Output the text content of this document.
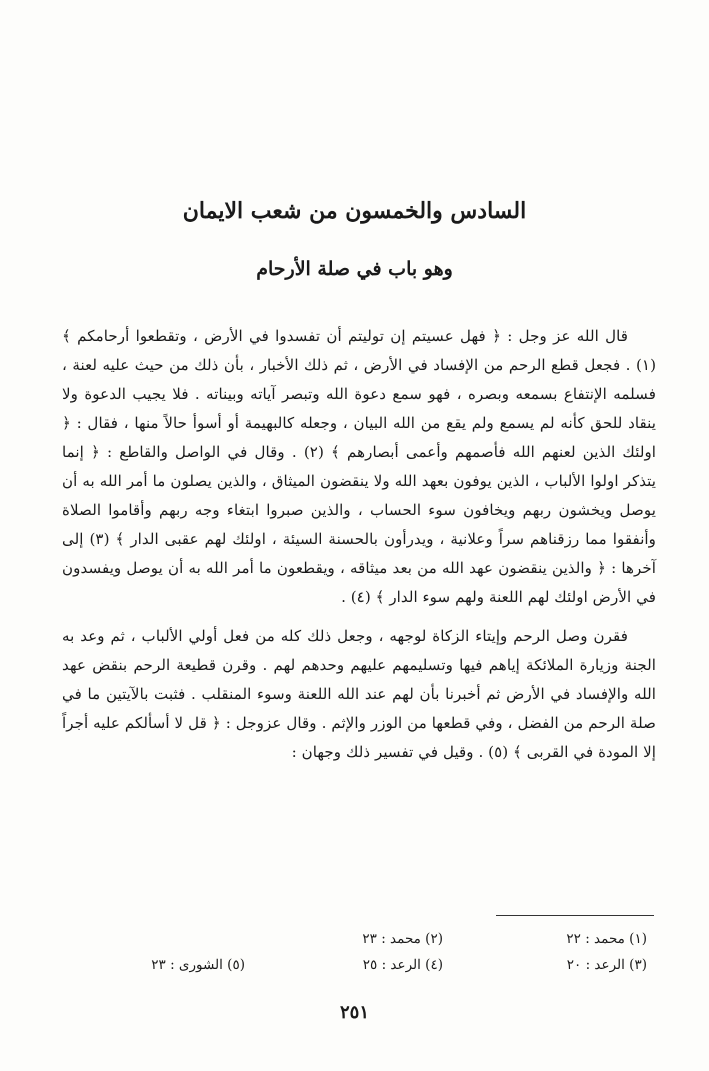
السادس والخمسون من شعب الايمان
وهو باب في صلة الأرحام

قال الله عز وجل : ﴿ فهل عسيتم إن توليتم أن تفسدوا في الأرض ، وتقطعوا أرحامكم ﴾ (١) . فجعل قطع الرحم من الإفساد في الأرض ، ثم ذلك الأخبار ، بأن ذلك من حيث عليه لعنة ، فسلمه الإنتفاع بسمعه وبصره ، فهو سمع دعوة الله وتبصر آياته وبيناته . فلا يجيب الدعوة ولا ينقاد للحق كأنه لم يسمع ولم يقع من الله البيان ، وجعله كالبهيمة أو أسوأ حالاً منها ، فقال : ﴿ اولئك الذين لعنهم الله فأصمهم وأعمى أبصارهم ﴾ (٢) . وقال في الواصل والقاطع : ﴿ إنما يتذكر اولوا الألباب ، الذين يوفون بعهد الله ولا ينقضون الميثاق ، والذين يصلون ما أمر الله به أن يوصل ويخشون ربهم ويخافون سوء الحساب ، والذين صبروا ابتغاء وجه ربهم وأقاموا الصلاة وأنفقوا مما رزقناهم سراً وعلانية ، ويدرأون بالحسنة السيئة ، اولئك لهم عقبى الدار ﴾ (٣) إلى آخرها : ﴿ والذين ينقضون عهد الله من بعد ميثاقه ، ويقطعون ما أمر الله به أن يوصل ويفسدون في الأرض اولئك لهم اللعنة ولهم سوء الدار ﴾ (٤) .

فقرن وصل الرحم وإيتاء الزكاة لوجهه ، وجعل ذلك كله من فعل أولي الألباب ، ثم وعد به الجنة وزيارة الملائكة إياهم فيها وتسليمهم عليهم وحدهم لهم . وقرن قطيعة الرحم بنقض عهد الله والإفساد في الأرض ثم أخبرنا بأن لهم عند الله اللعنة وسوء المنقلب . فثبت بالآيتين ما في صلة الرحم من الفضل ، وفي قطعها من الوزر والإثم . وقال عزوجل : ﴿ قل لا أسألكم عليه أجراً إلا المودة في القربى ﴾ (٥) . وقيل في تفسير ذلك وجهان :

(١) محمد : ٢٢
(٢) محمد : ٢٣
(٣) الرعد : ٢٠
(٤) الرعد : ٢٥
(٥) الشورى : ٢٣
٢٥١
